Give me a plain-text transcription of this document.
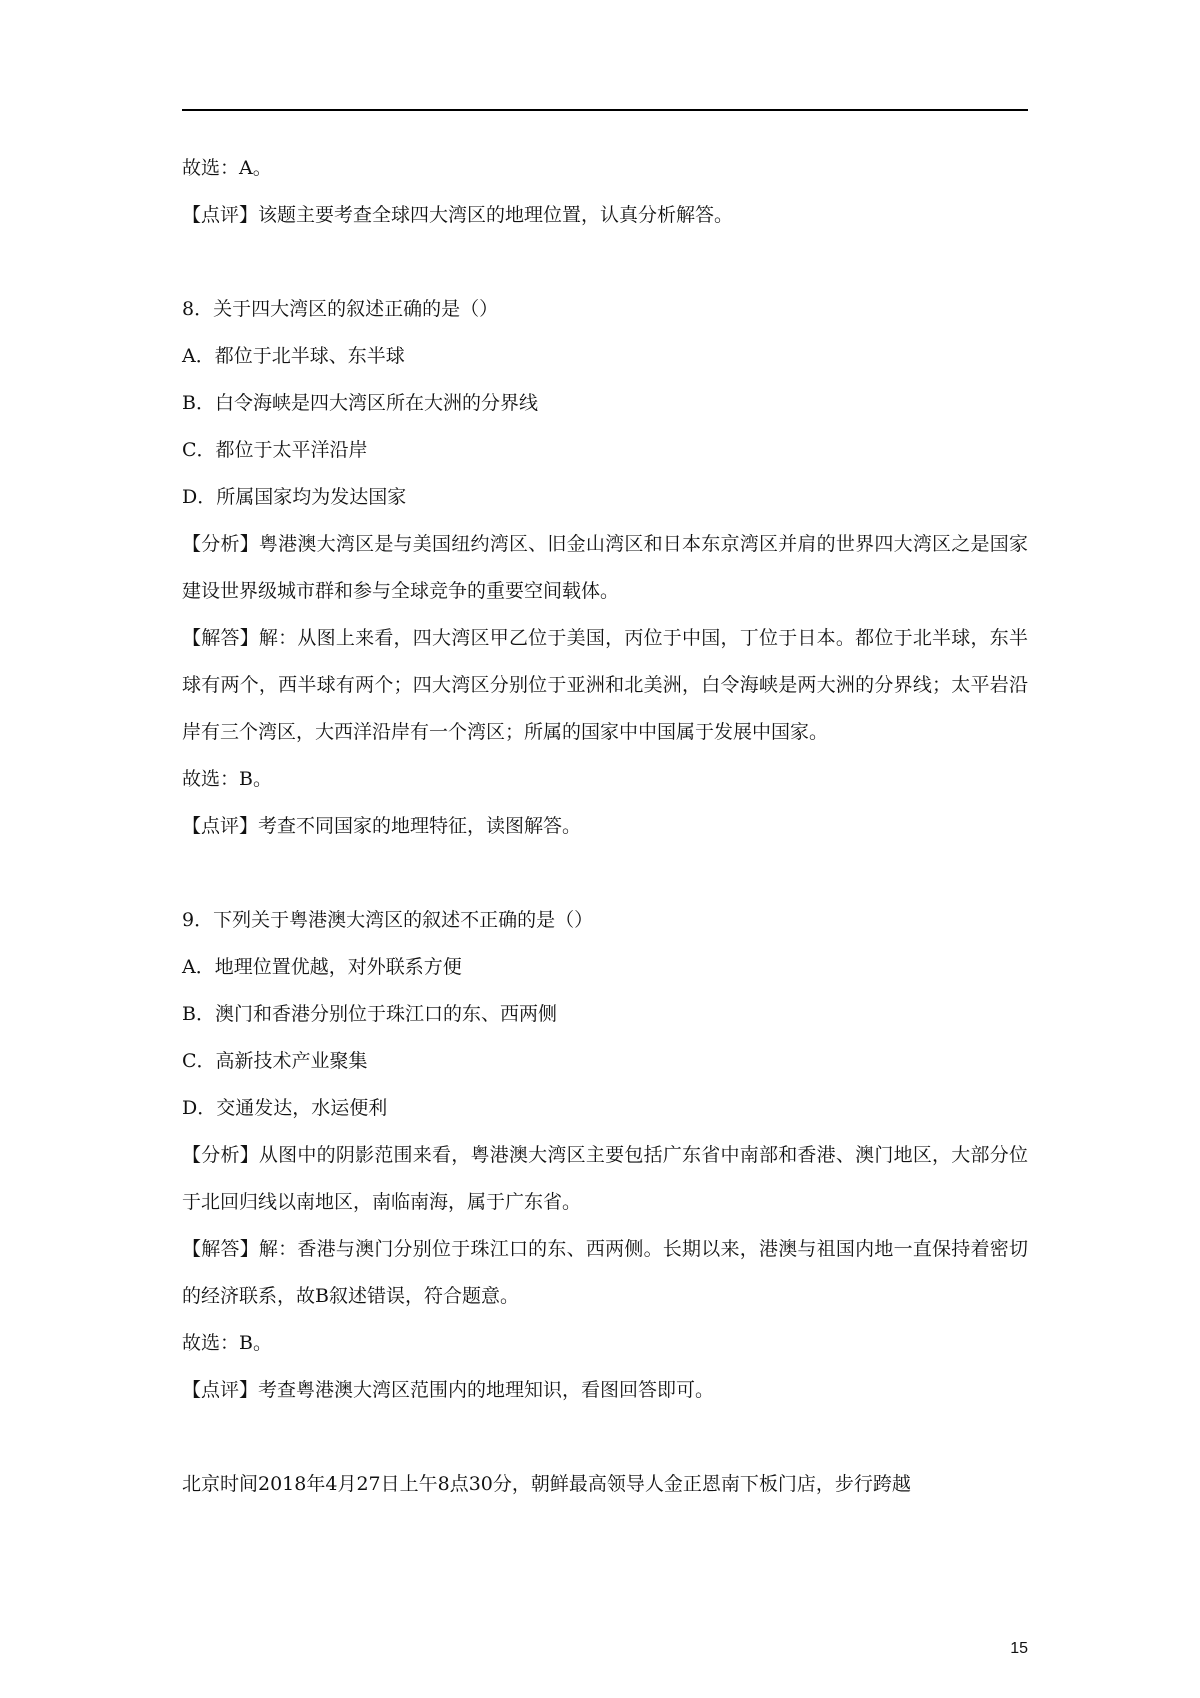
故选：A。
【点评】该题主要考查全球四大湾区的地理位置，认真分析解答。
8．关于四大湾区的叙述正确的是（）
A．都位于北半球、东半球
B．白令海峡是四大湾区所在大洲的分界线
C．都位于太平洋沿岸
D．所属国家均为发达国家
【分析】粤港澳大湾区是与美国纽约湾区、旧金山湾区和日本东京湾区并肩的世界四大湾区之是国家建设世界级城市群和参与全球竞争的重要空间载体。
【解答】解：从图上来看，四大湾区甲乙位于美国，丙位于中国，丁位于日本。都位于北半球，东半球有两个，西半球有两个；四大湾区分别位于亚洲和北美洲，白令海峡是两大洲的分界线；太平岩沿岸有三个湾区，大西洋沿岸有一个湾区；所属的国家中中国属于发展中国家。
故选：B。
【点评】考查不同国家的地理特征，读图解答。
9．下列关于粤港澳大湾区的叙述不正确的是（）
A．地理位置优越，对外联系方便
B．澳门和香港分别位于珠江口的东、西两侧
C．高新技术产业聚集
D．交通发达，水运便利
【分析】从图中的阴影范围来看，粤港澳大湾区主要包括广东省中南部和香港、澳门地区，大部分位于北回归线以南地区，南临南海，属于广东省。
【解答】解：香港与澳门分别位于珠江口的东、西两侧。长期以来，港澳与祖国内地一直保持着密切的经济联系，故B叙述错误，符合题意。
故选：B。
【点评】考查粤港澳大湾区范围内的地理知识，看图回答即可。
北京时间2018年4月27日上午8点30分，朝鲜最高领导人金正恩南下板门店，步行跨越
15
